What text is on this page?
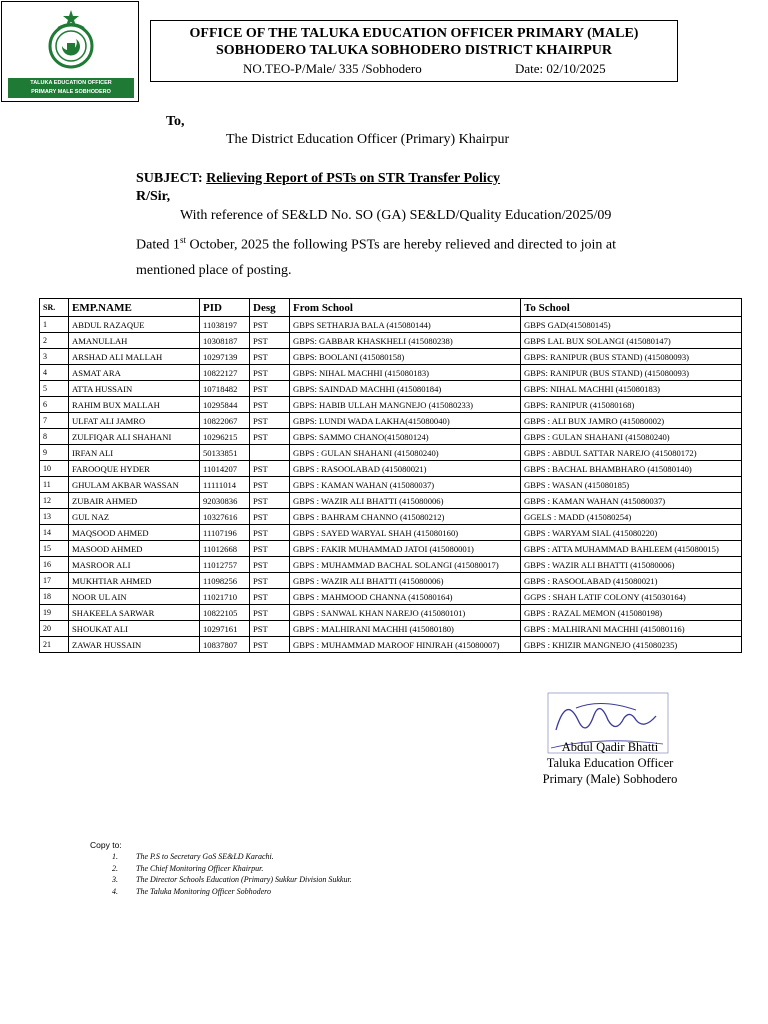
TALUKA EDUCATION OFFICER
PRIMARY MALE SOBHODERO
OFFICE OF THE TALUKA EDUCATION OFFICER PRIMARY (MALE)
SOBHODERO TALUKA SOBHODERO DISTRICT KHAIRPUR
NO.TEO-P/Male/ 335 /Sobhodero	Date: 02/10/2025
To,
The District Education Officer (Primary) Khairpur
SUBJECT: Relieving Report of PSTs on STR Transfer Policy
R/Sir,
With reference of SE&LD No. SO (GA) SE&LD/Quality Education/2025/09
Dated 1st October, 2025 the following PSTs are hereby relieved and directed to join at
mentioned place of posting.
SR.	EMP.NAME	PID	Desg	From School	To School
1	ABDUL RAZAQUE	11038197	PST	GBPS SETHARJA BALA (415080144)	GBPS GAD(415080145)
2	AMANULLAH	10308187	PST	GBPS: GABBAR KHASKHELI (415080238)	GBPS LAL BUX SOLANGI (415080147)
3	ARSHAD ALI MALLAH	10297139	PST	GBPS: BOOLANI (415080158)	GBPS: RANIPUR (BUS STAND) (415080093)
4	ASMAT ARA	10822127	PST	GBPS: NIHAL MACHHI (415080183)	GBPS: RANIPUR (BUS STAND) (415080093)
5	ATTA HUSSAIN	10718482	PST	GBPS: SAINDAD MACHHI (415080184)	GBPS: NIHAL MACHHI (415080183)
6	RAHIM BUX MALLAH	10295844	PST	GBPS: HABIB ULLAH MANGNEJO (415080233)	GBPS: RANIPUR (415080168)
7	ULFAT ALI JAMRO	10822067	PST	GBPS: LUNDI WADA LAKHA(415080040)	GBPS : ALI BUX JAMRO (415080002)
8	ZULFIQAR ALI SHAHANI	10296215	PST	GBPS: SAMMO CHANO(415080124)	GBPS : GULAN SHAHANI (415080240)
9	IRFAN ALI	50133851		GBPS : GULAN SHAHANI (415080240)	GBPS : ABDUL SATTAR NAREJO (415080172)
10	FAROOQUE HYDER	11014207	PST	GBPS : RASOOLABAD (415080021)	GBPS : BACHAL BHAMBHARO (415080140)
11	GHULAM AKBAR WASSAN	11111014	PST	GBPS : KAMAN WAHAN (415080037)	GBPS : WASAN (415080185)
12	ZUBAIR AHMED	92030836	PST	GBPS : WAZIR ALI BHATTI (415080006)	GBPS : KAMAN WAHAN (415080037)
13	GUL NAZ	10327616	PST	GBPS : BAHRAM CHANNO (415080212)	GGELS : MADD (415080254)
14	MAQSOOD AHMED	11107196	PST	GBPS : SAYED WARYAL SHAH (415080160)	GBPS : WARYAM SIAL (415080220)
15	MASOOD AHMED	11012668	PST	GBPS : FAKIR MUHAMMAD JATOI (415080001)	GBPS : ATTA MUHAMMAD BAHLEEM (415080015)
16	MASROOR ALI	11012757	PST	GBPS : MUHAMMAD BACHAL SOLANGI (415080017)	GBPS : WAZIR ALI BHATTI (415080006)
17	MUKHTIAR AHMED	11098256	PST	GBPS : WAZIR ALI BHATTI (415080006)	GBPS : RASOOLABAD (415080021)
18	NOOR UL AIN	11021710	PST	GBPS : MAHMOOD CHANNA (415080164)	GGPS : SHAH LATIF COLONY (415030164)
19	SHAKEELA SARWAR	10822105	PST	GBPS : SANWAL KHAN NAREJO (415080101)	GBPS : RAZAL MEMON (415080198)
20	SHOUKAT ALI	10297161	PST	GBPS : MALHIRANI MACHHI (415080180)	GBPS : MALHIRANI MACHHI (415080116)
21	ZAWAR HUSSAIN	10837807	PST	GBPS : MUHAMMAD MAROOF HINJRAH (415080007)	GBPS : KHIZIR MANGNEJO (415080235)
Abdul Qadir Bhatti
Taluka Education Officer
Primary (Male) Sobhodero
Copy to:
1. The P.S to Secretary GoS SE&LD Karachi.
2. The Chief Monitoring Officer Khairpur.
3. The Director Schools Education (Primary) Sukkur Division Sukkur.
4. The Taluka Monitoring Officer Sobhodero
